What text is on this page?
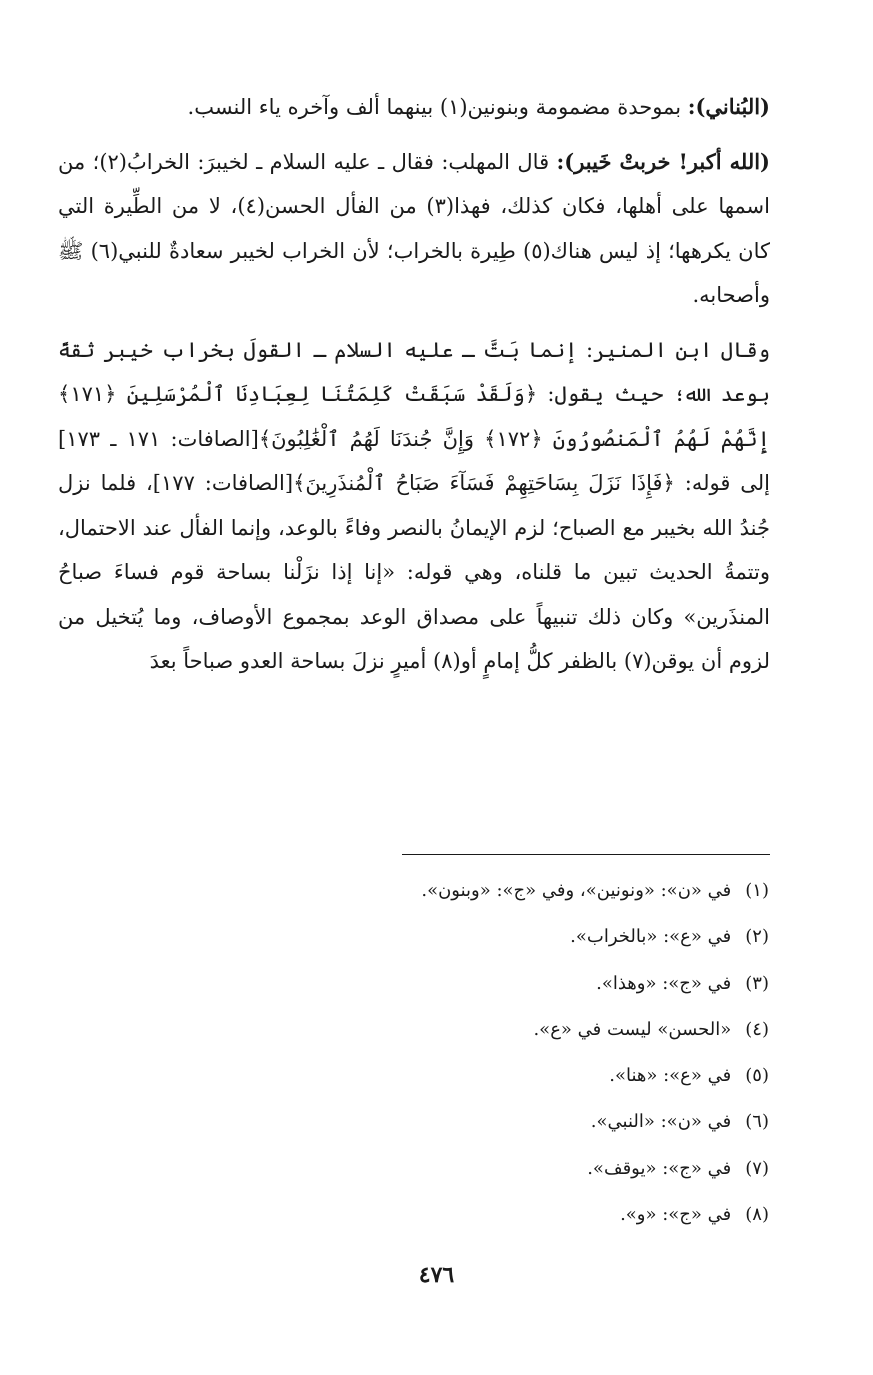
(البُناني): بموحدة مضمومة وبنونين(١) بينهما ألف وآخره ياء النسب.

(الله أكبر! خربتْ خَيبر): قال المهلب: فقال ـ عليه السلام ـ لخيبرَ: الخرابُ(٢)؛ من اسمها على أهلها، فكان كذلك، فهذا(٣) من الفأل الحسن(٤)، لا من الطِّيرة التي كان يكرهها؛ إذ ليس هناك(٥) طِيرة بالخراب؛ لأن الخراب لخيبر سعادةٌ للنبي(٦) ﷺ وأصحابه.

وقال ابن المنير: إنما بَتَّ ـ عليه السلام ـ القولَ بخراب خيبر ثقةً بوعد الله؛ حيث يقول: ﴿وَلَقَدْ سَبَقَتْ كَلِمَتُنَا لِعِبَادِنَا ٱلْمُرْسَلِينَ ﴿١٧١﴾ إِنَّهُمْ لَهُمُ ٱلْمَنصُورُونَ ﴿١٧٢﴾ وَإِنَّ جُندَنَا لَهُمُ ٱلْغَٰلِبُونَ﴾[الصافات: ١٧١ ـ ١٧٣] إلى قوله: ﴿فَإِذَا نَزَلَ بِسَاحَتِهِمْ فَسَآءَ صَبَاحُ ٱلْمُنذَرِينَ﴾[الصافات: ١٧٧]، فلما نزل جُندُ الله بخيبر مع الصباح؛ لزم الإيمانُ بالنصر وفاءً بالوعد، وإنما الفأل عند الاحتمال، وتتمةُ الحديث تبين ما قلناه، وهي قوله: «إنا إذا نزَلْنا بساحة قوم فساءَ صباحُ المنذَرين» وكان ذلك تنبيهاً على مصداق الوعد بمجموع الأوصاف، وما يُتخيل من لزوم أن يوقن(٧) بالظفر كلُّ إمامٍ أو(٨) أميرٍ نزلَ بساحة العدو صباحاً بعدَ

(١)في «ن»: «ونونين»، وفي «ج»: «وبنون».
(٢)في «ع»: «بالخراب».
(٣)في «ج»: «وهذا».
(٤)«الحسن» ليست في «ع».
(٥)في «ع»: «هنا».
(٦)في «ن»: «النبي».
(٧)في «ج»: «يوقف».
(٨)في «ج»: «و».
٤٧٦
